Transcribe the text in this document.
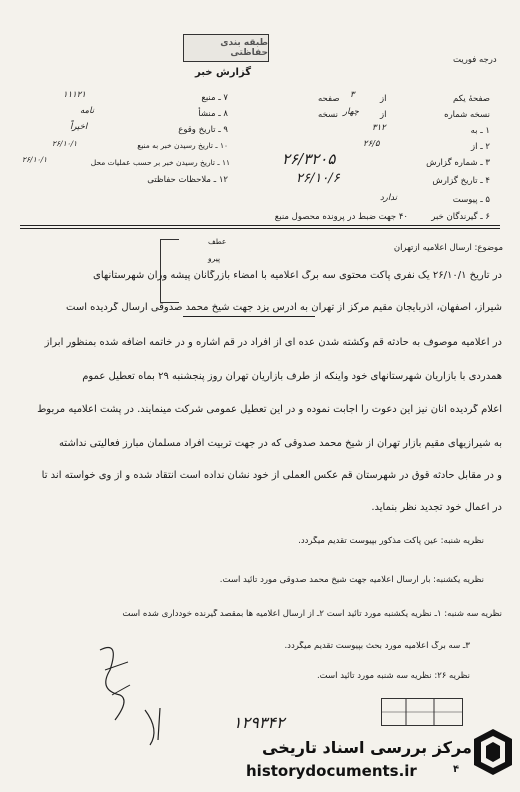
طبقه بندی حفاظتی
درجه فوریت
گزارش خبر
۷ ـ منبع
۱۱۱۲۱
۸ ـ منشأ
نامه
۹ ـ تاریخ وقوع
اخیراً
۱۰ ـ تاریخ رسیدن خبر به منبع
۲۶/۱۰/۱
۱۱ ـ تاریخ رسیدن خبر بر حسب عملیات محل
۲۶/۱۰/۱
۱۲ ـ ملاحظات حفاظتی
صفحهٔ یکم
از
۳
صفحه
نسخه شماره
از
چهار
نسخه
۱ ـ به
۳۱۲
۲ ـ از
۲۶/۵
۳ ـ شماره گزارش
۲۶/۳۲۰۵
۴ ـ تاریخ گزارش
۲۶/۱۰/۶
۵ ـ پیوست
ندارد
۶ ـ گیرندگان خبر
۴۰ جهت ضبط در پرونده محصول منبع
عطف
پیرو
موضوع: ارسال اعلامیه ازتهران
در تاریخ ۲۶/۱۰/۱ یک نفری پاکت محتوی سه برگ اعلامیه با امضاء بازرگانان پیشه وران شهرستانهای
شیراز، اصفهان، آذربایجان مقیم مرکز از تهران به آدرس یزد جهت شیخ محمد صدوقی ارسال گردیده است
در اعلامیه موصوف به حادثه قم وکشته شدن عده ای از افراد در قم اشاره و در خاتمه اضافه شده بمنظور ابراز
همدردی با بازاریان شهرستانهای خود واینکه از طرف بازاریان تهران روز پنجشنبه ۲۹ بماه تعطیل عموم
اعلام گردیده آنان نیز این دعوت را اجابت نموده و در این تعطیل عمومی شرکت مینمایند. در پشت اعلامیه مربوط
به شیرازیهای مقیم بازار تهران از شیخ محمد صدوقی که در جهت تربیت افراد مسلمان مبارز فعالیتی نداشته
و در مقابل حادثه قوق در شهرستان قم عکس العملی از خود نشان نداده است انتقاد شده و از وی خواسته اند تا
در اعمال خود تجدید نظر بنماید.
نظریه شنبه: عین پاکت مذکور بپیوست تقدیم میگردد.
نظریه یکشنبه: بار ارسال اعلامیه جهت شیخ محمد صدوقی مورد تائید است.
نظریه سه شنبه: ۱ـ نظریه یکشنبه مورد تائید است ۲ـ از ارسال اعلامیه ها بمقصد گیرنده خودداری شده است
۳ـ سه برگ اعلامیه مورد بحث بپیوست تقدیم میگردد.
نظریه ۲۶: نظریه سه شنبه مورد تائید است.
۱۲۹۳۴۲
۴
مرکز بررسی اسناد تاریخی
historydocuments.ir
